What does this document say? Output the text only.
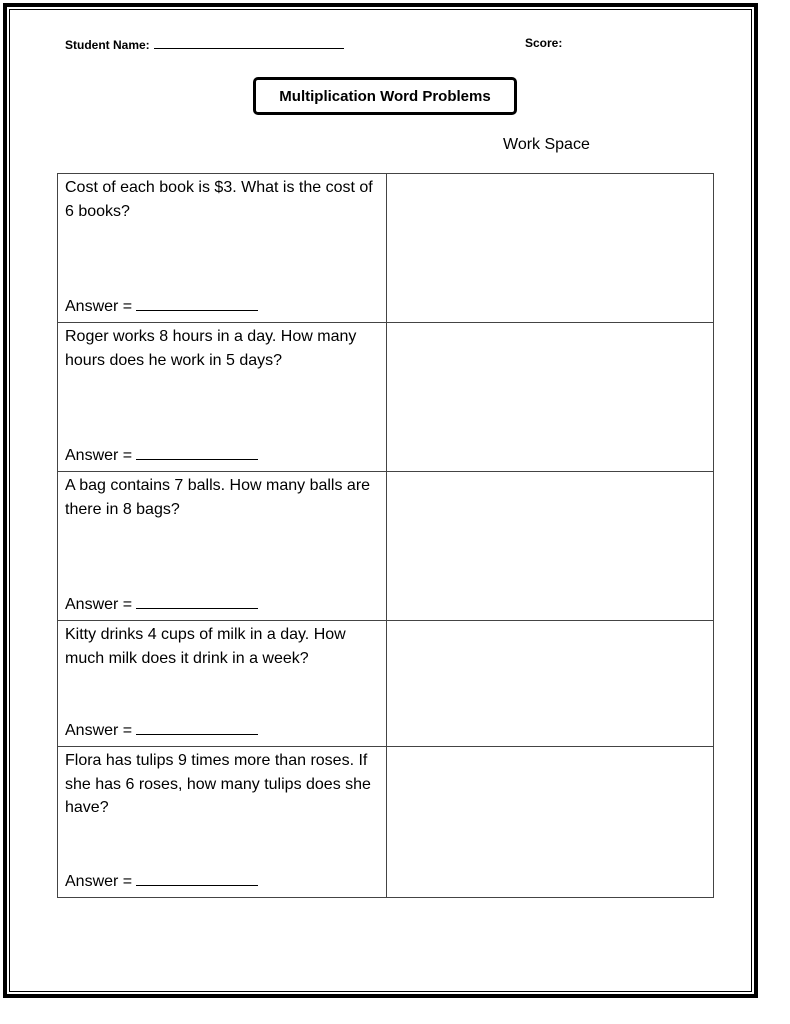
Student Name:	Score:
Multiplication Word Problems
Work Space
Cost of each book is $3. What is the cost of 6 books?
Answer =	

Roger works 8 hours in a day. How many hours does he work in 5 days?
Answer =	

A bag contains 7 balls. How many balls are there in 8 bags?
Answer =	

Kitty drinks 4 cups of milk in a day. How much milk does it drink in a week?
Answer =	

Flora has tulips 9 times more than roses. If she has 6 roses, how many tulips does she have?
Answer =	
